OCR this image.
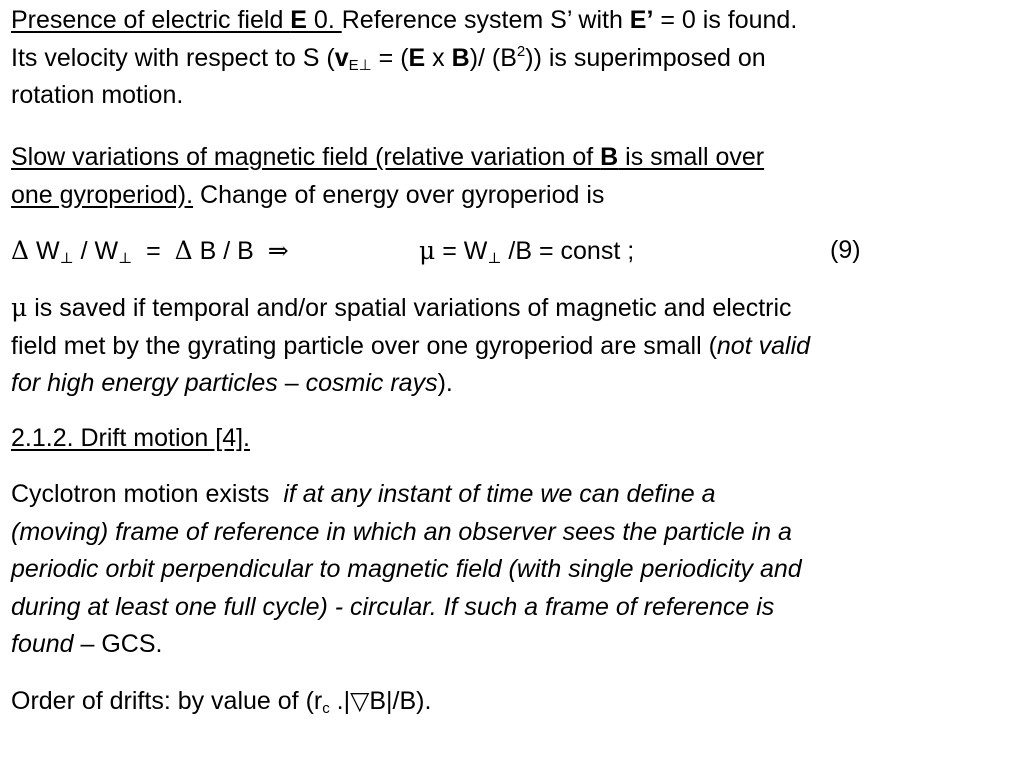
Presence of electric field E 0. Reference system S’ with E’ = 0 is found.
Its velocity with respect to S ($v_{E\perp} = (E$ x B)/ $(B^2)$) is superimposed on
rotation motion.
Slow variations of magnetic field (relative variation of B is small over
one gyroperiod). Change of energy over gyroperiod is
Δ $W_\perp / W_\perp = \Delta$ B / B  ⇒	$\mu = W_\perp$ /B = const ;	(9)
μ is saved if temporal and/or spatial variations of magnetic and electric
field met by the gyrating particle over one gyroperiod are small (not valid
for high energy particles – cosmic rays).
2.1.2. Drift motion [4].
Cyclotron motion exists  if at any instant of time we can define a
(moving) frame of reference in which an observer sees the particle in a
periodic orbit perpendicular to magnetic field (with single periodicity and
during at least one full cycle) - circular. If such a frame of reference is
found – GCS.
Order of drifts: by value of ($r_c$ .|▽B|/B).
